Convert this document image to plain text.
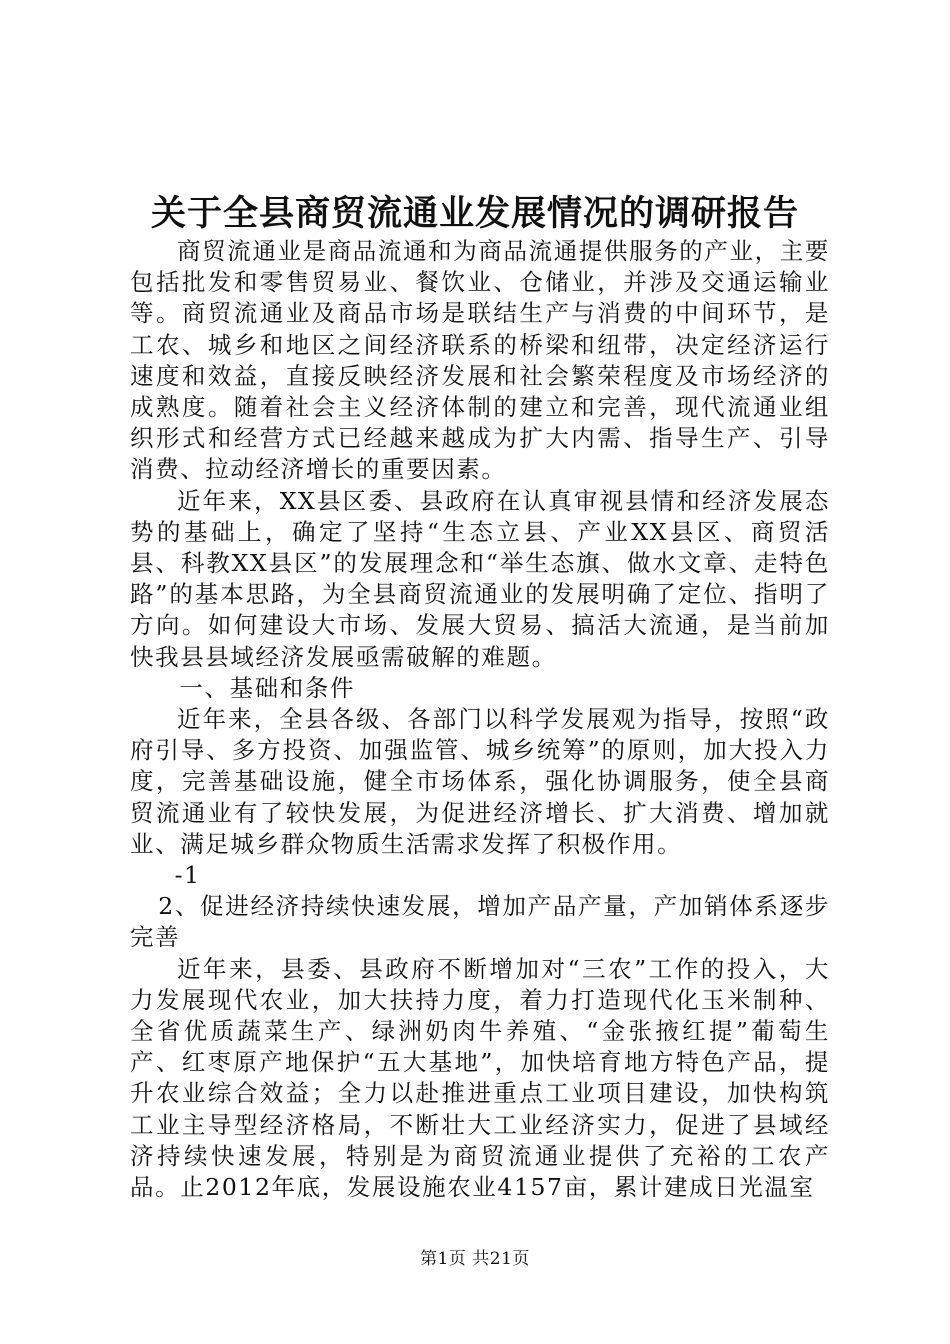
关于全县商贸流通业发展情况的调研报告

商贸流通业是商品流通和为商品流通提供服务的产业，主要包括批发和零售贸易业、餐饮业、仓储业，并涉及交通运输业等。商贸流通业及商品市场是联结生产与消费的中间环节，是工农、城乡和地区之间经济联系的桥梁和纽带，决定经济运行速度和效益，直接反映经济发展和社会繁荣程度及市场经济的成熟度。随着社会主义经济体制的建立和完善，现代流通业组织形式和经营方式已经越来越成为扩大内需、指导生产、引导消费、拉动经济增长的重要因素。

近年来，XX县区委、县政府在认真审视县情和经济发展态势的基础上，确定了坚持“生态立县、产业XX县区、商贸活县、科教XX县区”的发展理念和“举生态旗、做水文章、走特色路”的基本思路，为全县商贸流通业的发展明确了定位、指明了方向。如何建设大市场、发展大贸易、搞活大流通，是当前加快我县县域经济发展亟需破解的难题。

一、基础和条件

近年来，全县各级、各部门以科学发展观为指导，按照“政府引导、多方投资、加强监管、城乡统筹”的原则，加大投入力度，完善基础设施，健全市场体系，强化协调服务，使全县商贸流通业有了较快发展，为促进经济增长、扩大消费、增加就业、满足城乡群众物质生活需求发挥了积极作用。

-1

2、促进经济持续快速发展，增加产品产量，产加销体系逐步完善

近年来，县委、县政府不断增加对“三农”工作的投入，大力发展现代农业，加大扶持力度，着力打造现代化玉米制种、全省优质蔬菜生产、绿洲奶肉牛养殖、“金张掖红提”葡萄生产、红枣原产地保护“五大基地”，加快培育地方特色产品，提升农业综合效益；全力以赴推进重点工业项目建设，加快构筑工业主导型经济格局，不断壮大工业经济实力，促进了县域经济持续快速发展，特别是为商贸流通业提供了充裕的工农产品。止2012年底，发展设施农业4157亩，累计建成日光温室

第1页 共21页
